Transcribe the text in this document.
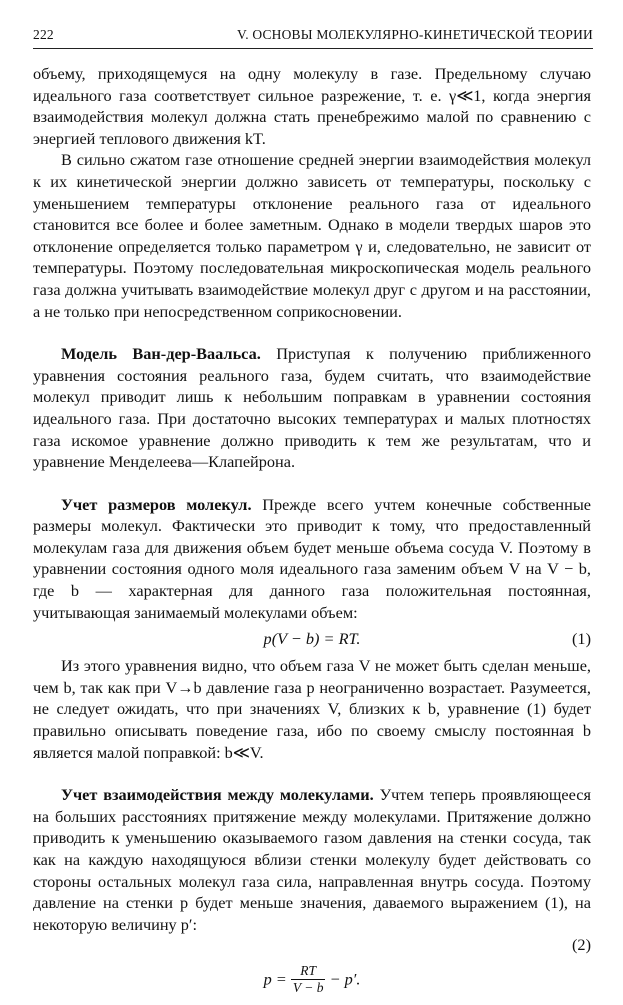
222	V. ОСНОВЫ МОЛЕКУЛЯРНО-КИНЕТИЧЕСКОЙ ТЕОРИИ

объему, приходящемуся на одну молекулу в газе. Предельному случаю идеального газа соответствует сильное разрежение, т. е. γ≪1, когда энергия взаимодействия молекул должна стать пренебрежимо малой по сравнению с энергией теплового движения kT.

В сильно сжатом газе отношение средней энергии взаимодействия молекул к их кинетической энергии должно зависеть от температуры, поскольку с уменьшением температуры отклонение реального газа от идеального становится все более и более заметным. Однако в модели твердых шаров это отклонение определяется только параметром γ и, следовательно, не зависит от температуры. Поэтому последовательная микроскопическая модель реального газа должна учитывать взаимодействие молекул друг с другом и на расстоянии, а не только при непосредственном соприкосновении.

Модель Ван-дер-Ваальса. Приступая к получению приближенного уравнения состояния реального газа, будем считать, что взаимодействие молекул приводит лишь к небольшим поправкам в уравнении состояния идеального газа. При достаточно высоких температурах и малых плотностях газа искомое уравнение должно приводить к тем же результатам, что и уравнение Менделеева—Клапейрона.

Учет размеров молекул. Прежде всего учтем конечные собственные размеры молекул. Фактически это приводит к тому, что предоставленный молекулам газа для движения объем будет меньше объема сосуда V. Поэтому в уравнении состояния одного моля идеального газа заменим объем V на V − b, где b — характерная для данного газа положительная постоянная, учитывающая занимаемый молекулами объем:

p(V − b) = RT.	(1)

Из этого уравнения видно, что объем газа V не может быть сделан меньше, чем b, так как при V→b давление газа p неограниченно возрастает. Разумеется, не следует ожидать, что при значениях V, близких к b, уравнение (1) будет правильно описывать поведение газа, ибо по своему смыслу постоянная b является малой поправкой: b≪V.

Учет взаимодействия между молекулами. Учтем теперь проявляющееся на больших расстояниях притяжение между молекулами. Притяжение должно приводить к уменьшению оказываемого газом давления на стенки сосуда, так как на каждую находящуюся вблизи стенки молекулу будет действовать со стороны остальных молекул газа сила, направленная внутрь сосуда. Поэтому давление на стенки p будет меньше значения, даваемого выражением (1), на некоторую величину p′:

(2)
$p = \frac{RT}{V - b} - p'$.
